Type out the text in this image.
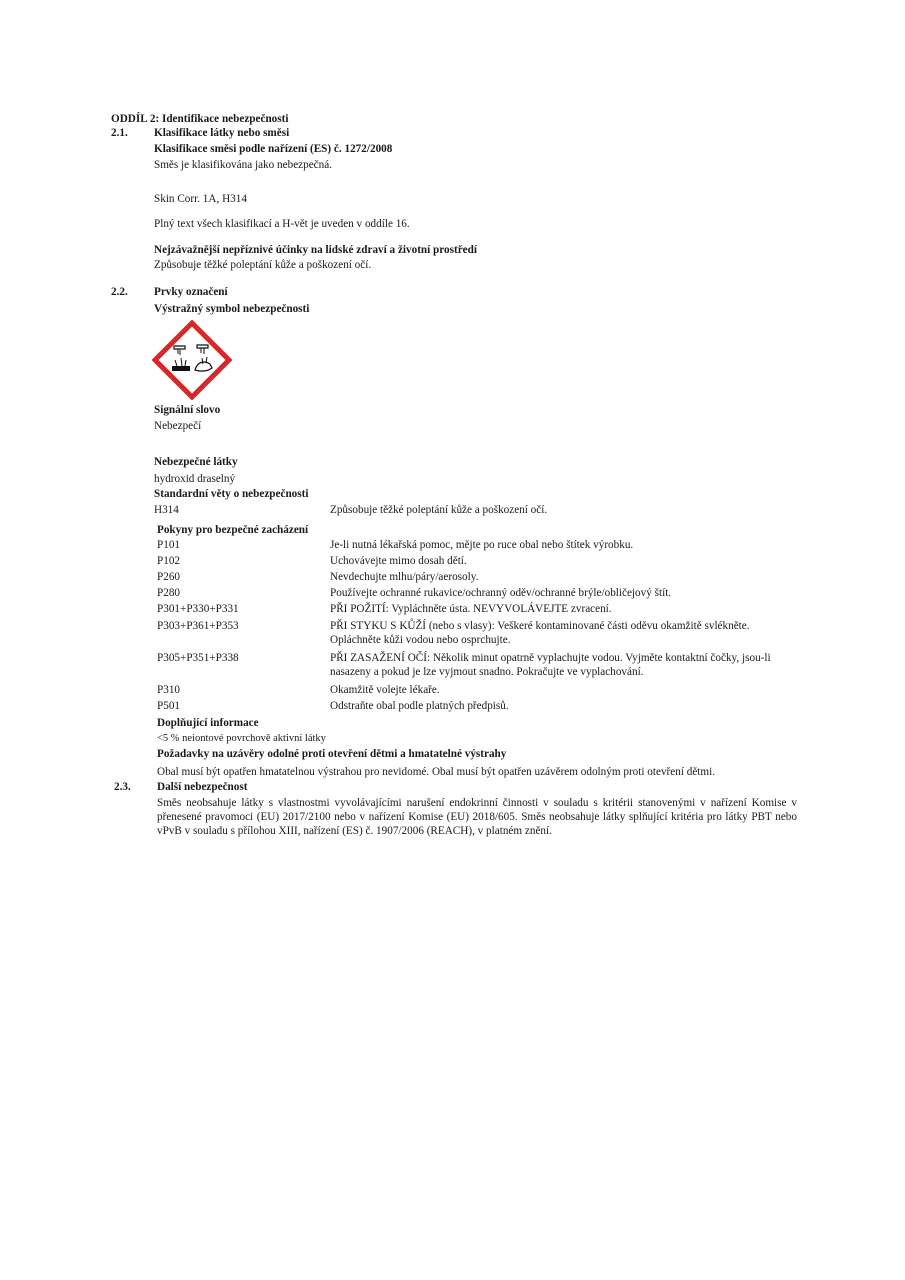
ODDÍL 2: Identifikace nebezpečnosti
2.1. Klasifikace látky nebo směsi
Klasifikace směsi podle nařízení (ES) č. 1272/2008
Směs je klasifikována jako nebezpečná.
Skin Corr. 1A, H314
Plný text všech klasifikací a H-vět je uveden v oddíle 16.
Nejzávažnější nepříznivé účinky na lidské zdraví a životní prostředí
Způsobuje těžké poleptání kůže a poškození očí.
2.2. Prvky označení
Výstražný symbol nebezpečnosti
Signální slovo
Nebezpečí
Nebezpečné látky
hydroxid draselný
Standardní věty o nebezpečnosti
H314	Způsobuje těžké poleptání kůže a poškození očí.
Pokyny pro bezpečné zacházení
P101	Je-li nutná lékařská pomoc, mějte po ruce obal nebo štítek výrobku.
P102	Uchovávejte mimo dosah dětí.
P260	Nevdechujte mlhu/páry/aerosoly.
P280	Používejte ochranné rukavice/ochranný oděv/ochranné brýle/obličejový štít.
P301+P330+P331	PŘI POŽITÍ: Vypláchněte ústa. NEVYVOLÁVEJTE zvracení.
P303+P361+P353	PŘI STYKU S KŮŽÍ (nebo s vlasy): Veškeré kontaminované části oděvu okamžitě svlékněte. Opláchněte kůži vodou nebo osprchujte.
P305+P351+P338	PŘI ZASAŽENÍ OČÍ: Několik minut opatrně vyplachujte vodou. Vyjměte kontaktní čočky, jsou-li nasazeny a pokud je lze vyjmout snadno. Pokračujte ve vyplachování.
P310	Okamžitě volejte lékaře.
P501	Odstraňte obal podle platných předpisů.
Doplňující informace
<5 % neiontové povrchově aktivní látky
Požadavky na uzávěry odolné proti otevření dětmi a hmatatelné výstrahy
Obal musí být opatřen hmatatelnou výstrahou pro nevidomé. Obal musí být opatřen uzávěrem odolným proti otevření dětmi.
2.3. Další nebezpečnost
Směs neobsahuje látky s vlastnostmi vyvolávajícími narušení endokrinní činnosti v souladu s kritérii stanovenými v nařízení Komise v přenesené pravomoci (EU) 2017/2100 nebo v nařízení Komise (EU) 2018/605. Směs neobsahuje látky splňující kritéria pro látky PBT nebo vPvB v souladu s přílohou XIII, nařízení (ES) č. 1907/2006 (REACH), v platném znění.
